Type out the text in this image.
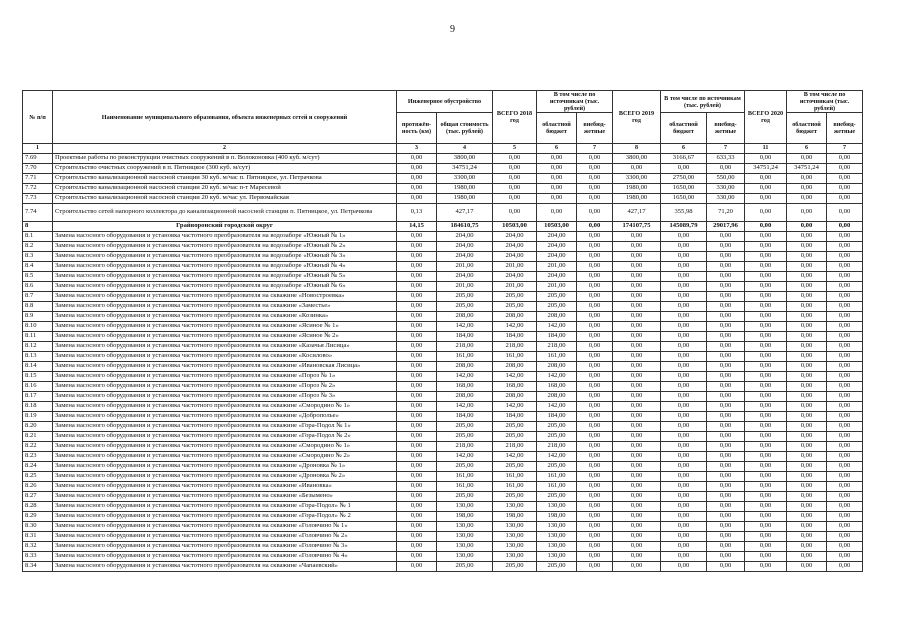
9
№ п/п	Наименование муниципального образования, объекта инженерных сетей и сооружений	Инженерное обустройство		ВСЕГО 2018 год	В том числе по источникам (тыс. рублей)		ВСЕГО 2019 год	В том числе по источникам (тыс. рублей)		ВСЕГО 2020 год	В том числе по источникам (тыс. рублей)	

		протяжён-ность (км)	общая стоимость (тыс. рублей)		областной бюджет	внебюд-жетные		областной бюджет	внебюд-жетные		областной бюджет	внебюд-жетные
1	2	3	4	5	6	7	8	6	7	11	6	7
7.69	Проектные работы по реконструкции очистных сооружений в п. Волоконовка (400 куб. м/сут)	0,00	3800,00	0,00	0,00	0,00	3800,00	3166,67	633,33	0,00	0,00	0,00
7.70	Строительство очистных сооружений в п. Пятницкое (300 куб. м/сут)	0,00	34751,24	0,00	0,00	0,00	0,00	0,00	0,00	34751,24	34751,24	0,00
7.71	Строительство канализационной насосной станции 30 куб. м/час п. Пятницкое, ул. Петрачкова	0,00	3300,00	0,00	0,00	0,00	3300,00	2750,00	550,00	0,00	0,00	0,00
7.72	Строительство канализационной насосной станции 20 куб. м/час п-т Маресевой	0,00	1980,00	0,00	0,00	0,00	1980,00	1650,00	330,00	0,00	0,00	0,00
7.73	Строительство канализационной насосной станции 20 куб. м/час ул. Первомайская	0,00	1980,00	0,00	0,00	0,00	1980,00	1650,00	330,00	0,00	0,00	0,00
7.74	Строительство сетей напорного коллектора до канализационной насосной станции п. Пятницкое, ул. Петрачкова	0,13	427,17	0,00	0,00	0,00	427,17	355,98	71,20	0,00	0,00	0,00
8	Грайворонский городской округ	14,15	184610,75	10503,00	10503,00	0,00	174107,75	145089,79	29017,96	0,00	0,00	0,00
8.1	Замена насосного оборудования и установка частотного преобразователя на водозаборе «Южный № 1»	0,00	204,00	204,00	204,00	0,00	0,00	0,00	0,00	0,00	0,00	0,00
8.2	Замена насосного оборудования и установка частотного преобразователя на водозаборе «Южный № 2»	0,00	204,00	204,00	204,00	0,00	0,00	0,00	0,00	0,00	0,00	0,00
8.3	Замена насосного оборудования и установка частотного преобразователя на водозаборе «Южный № 3»	0,00	204,00	204,00	204,00	0,00	0,00	0,00	0,00	0,00	0,00	0,00
8.4	Замена насосного оборудования и установка частотного преобразователя на водозаборе «Южный № 4»	0,00	201,00	201,00	201,00	0,00	0,00	0,00	0,00	0,00	0,00	0,00
8.5	Замена насосного оборудования и установка частотного преобразователя на водозаборе «Южный № 5»	0,00	204,00	204,00	204,00	0,00	0,00	0,00	0,00	0,00	0,00	0,00
8.6	Замена насосного оборудования и установка частотного преобразователя на водозаборе «Южный № 6»	0,00	201,00	201,00	201,00	0,00	0,00	0,00	0,00	0,00	0,00	0,00
8.7	Замена насосного оборудования и установка частотного преобразователя на скважине «Новостроевка»	0,00	205,00	205,00	205,00	0,00	0,00	0,00	0,00	0,00	0,00	0,00
8.8	Замена насосного оборудования и установка частотного преобразователя на скважине «Заместье»	0,00	205,00	205,00	205,00	0,00	0,00	0,00	0,00	0,00	0,00	0,00
8.9	Замена насосного оборудования и установка частотного преобразователя на скважине «Козинка»	0,00	208,00	208,00	208,00	0,00	0,00	0,00	0,00	0,00	0,00	0,00
8.10	Замена насосного оборудования и установка частотного преобразователя на скважине «Ясиное № 1»	0,00	142,00	142,00	142,00	0,00	0,00	0,00	0,00	0,00	0,00	0,00
8.11	Замена насосного оборудования и установка частотного преобразователя на скважине «Ясиное № 2»	0,00	184,00	184,00	184,00	0,00	0,00	0,00	0,00	0,00	0,00	0,00
8.12	Замена насосного оборудования и установка частотного преобразователя на скважине «Казачья Лисица»	0,00	218,00	218,00	218,00	0,00	0,00	0,00	0,00	0,00	0,00	0,00
8.13	Замена насосного оборудования и установка частотного преобразователя на скважине «Косилово»	0,00	161,00	161,00	161,00	0,00	0,00	0,00	0,00	0,00	0,00	0,00
8.14	Замена насосного оборудования и установка частотного преобразователя на скважине «Ивановская Лисица»	0,00	208,00	208,00	208,00	0,00	0,00	0,00	0,00	0,00	0,00	0,00
8.15	Замена насосного оборудования и установка частотного преобразователя на скважине «Пороз № 1»	0,00	142,00	142,00	142,00	0,00	0,00	0,00	0,00	0,00	0,00	0,00
8.16	Замена насосного оборудования и установка частотного преобразователя на скважине «Пороз № 2»	0,00	168,00	168,00	168,00	0,00	0,00	0,00	0,00	0,00	0,00	0,00
8.17	Замена насосного оборудования и установка частотного преобразователя на скважине «Пороз № 3»	0,00	208,00	208,00	208,00	0,00	0,00	0,00	0,00	0,00	0,00	0,00
8.18	Замена насосного оборудования и установка частотного преобразователя на скважине «Смородино № 1»	0,00	142,00	142,00	142,00	0,00	0,00	0,00	0,00	0,00	0,00	0,00
8.19	Замена насосного оборудования и установка частотного преобразователя на скважине «Доброполье»	0,00	184,00	184,00	184,00	0,00	0,00	0,00	0,00	0,00	0,00	0,00
8.20	Замена насосного оборудования и установка частотного преобразователя на скважине «Гора-Подол № 1»	0,00	205,00	205,00	205,00	0,00	0,00	0,00	0,00	0,00	0,00	0,00
8.21	Замена насосного оборудования и установка частотного преобразователя на скважине «Гора-Подол № 2»	0,00	205,00	205,00	205,00	0,00	0,00	0,00	0,00	0,00	0,00	0,00
8.22	Замена насосного оборудования и установка частотного преобразователя на скважине «Смородино № 1»	0,00	218,00	218,00	218,00	0,00	0,00	0,00	0,00	0,00	0,00	0,00
8.23	Замена насосного оборудования и установка частотного преобразователя на скважине «Смородино № 2»	0,00	142,00	142,00	142,00	0,00	0,00	0,00	0,00	0,00	0,00	0,00
8.24	Замена насосного оборудования и установка частотного преобразователя на скважине «Дроновка № 1»	0,00	205,00	205,00	205,00	0,00	0,00	0,00	0,00	0,00	0,00	0,00
8.25	Замена насосного оборудования и установка частотного преобразователя на скважине «Дроновка № 2»	0,00	161,00	161,00	161,00	0,00	0,00	0,00	0,00	0,00	0,00	0,00
8.26	Замена насосного оборудования и установка частотного преобразователя на скважине «Ивановка»	0,00	161,00	161,00	161,00	0,00	0,00	0,00	0,00	0,00	0,00	0,00
8.27	Замена насосного оборудования и установка частотного преобразователя на скважине «Безымено»	0,00	205,00	205,00	205,00	0,00	0,00	0,00	0,00	0,00	0,00	0,00
8.28	Замена насосного оборудования и установка частотного преобразователя на скважине «Гора-Подол» № 1	0,00	130,00	130,00	130,00	0,00	0,00	0,00	0,00	0,00	0,00	0,00
8.29	Замена насосного оборудования и установка частотного преобразователя на скважине «Гора-Подол» № 2	0,00	198,00	198,00	198,00	0,00	0,00	0,00	0,00	0,00	0,00	0,00
8.30	Замена насосного оборудования и установка частотного преобразователя на скважине «Головчино № 1»	0,00	130,00	130,00	130,00	0,00	0,00	0,00	0,00	0,00	0,00	0,00
8.31	Замена насосного оборудования и установка частотного преобразователя на скважине «Головчино № 2»	0,00	130,00	130,00	130,00	0,00	0,00	0,00	0,00	0,00	0,00	0,00
8.32	Замена насосного оборудования и установка частотного преобразователя на скважине «Головчино № 3»	0,00	130,00	130,00	130,00	0,00	0,00	0,00	0,00	0,00	0,00	0,00
8.33	Замена насосного оборудования и установка частотного преобразователя на скважине «Головчино № 4»	0,00	130,00	130,00	130,00	0,00	0,00	0,00	0,00	0,00	0,00	0,00
8.34	Замена насосного оборудования и установка частотного преобразователя на скважине «Чапаевский»	0,00	205,00	205,00	205,00	0,00	0,00	0,00	0,00	0,00	0,00	0,00
